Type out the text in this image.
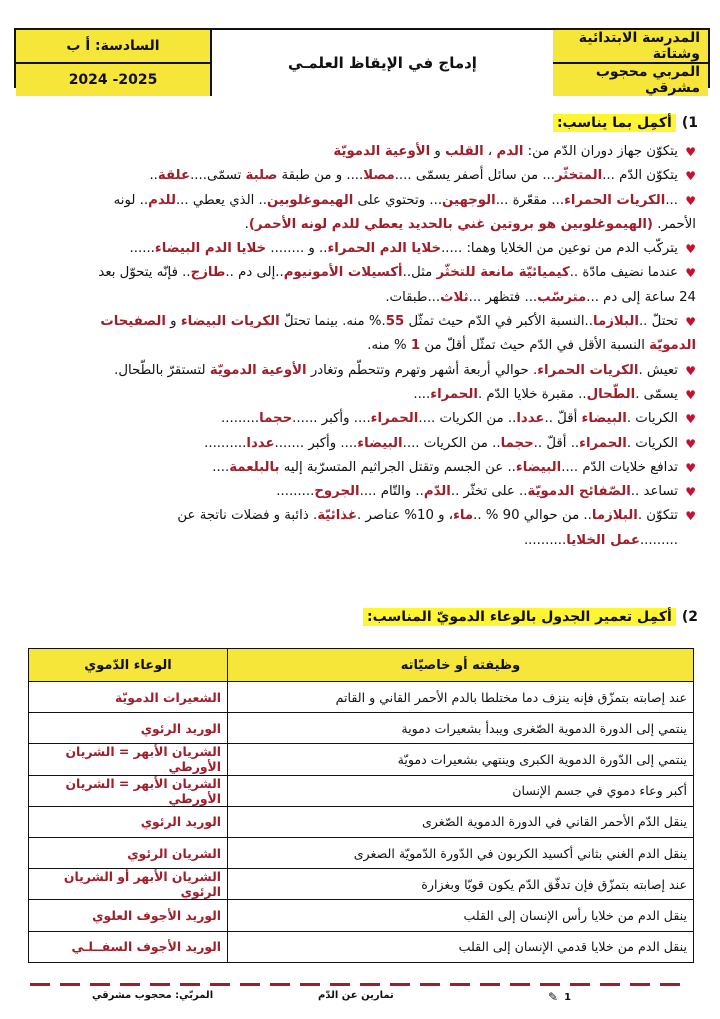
السادسة: أ ب
2025- 2024
إدماج في الإيقاظ العلمـي
المدرسة الابتدائية وشتاتة
المربي محجوب مشرقي
1)
أكمِل بما يناسب:
♥
يتكوّن جهاز دوران الدّم من: الدم ، القلب و الأوعية الدمويّة
♥
يتكوّن الدّم ...المتخثّر... من سائل أصفر يسمّى ....مصلا.... و من طبقة صلبة تسمّى....علقة..
♥
...الكريات الحمراء... مقعّرة ...الوجهين... وتحتوي على الهيموغلوبين.. الذي يعطي ...للدم.. لونه
الأحمر. (الهيموغلوبين هو بروتين غني بالحديد يعطي للدم لونه الأحمر).
♥
يتركّب الدم من نوعين من الخلايا وهما: .....خلايا الدم الحمراء.. و ........ خلايا الدم البيضاء......
♥
عندما نضيف مادّة ..كيميائيّة مانعة للتخثّر مثل..أكسيلات الأمونيوم..إلى دم ..طازج.. فإنّه يتحوّل بعد
24 ساعة إلى دم ...مترسّب... فتظهر ...ثلاث...طبقات.
♥
تحتلّ ..البلازما..النسبة الأكبر في الدّم حيث تمثّل 55.% منه. بينما تحتلّ الكريات البيضاء و الصفيحات
الدمويّة النسبة الأقل في الدّم حيث تمثّل أقلّ من 1 % منه.
♥
تعيش .الكريات الحمراء. حوالي أربعة أشهر وتهرم وتتحطّم وتغادر الأوعية الدمويّة لتستقرّ بالطّحال.
♥
يسمّى .الطّحال.. مقبرة خلايا الدّم .الحمراء....
♥
الكريات .البيضاء أقلّ ..عددا.. من الكريات ....الحمراء.... وأكبر ......حجما.........
♥
الكريات .الحمراء.. أقلّ ..حجما.. من الكريات ....البيضاء.... وأكبر .......عددا..........
♥
تدافع خلايات الدّم ....البيضاء.. عن الجسم وتقتل الجراثيم المتسرّبة إليه بالبلعمة....
♥
تساعد ..الصّفائح الدمويّة.. على تخثّر ..الدّم.. والتّام ....الجروح.........
♥
تتكوّن .البلازما.. من حوالي 90 % ..ماء، و 10% عناصر .غذائيّة. ذائبة و فضلات ناتجة عن
.........عمل الخلايا..........
2)
أكمِل تعمير الجدول بالوعاء الدمويّ المناسب:
وظيفته أو خاصيّاته	الوعاء الدّموي
عند إصابته بتمزّق فإنه ينزف دما مختلطا بالدم الأحمر القاني و القاتم	الشعيرات الدمويّة
ينتمي إلى الدورة الدموية الصّغرى ويبدأ بشعيرات دموية	الوريد الرئوي
ينتمي إلى الدّورة الدموية الكبرى وينتهي بشعيرات دمويّة	الشريان الأبهر = الشريان الأورطي
أكبر وعاء دموي في جسم الإنسان	الشريان الأبهر = الشريان الأورطي
ينقل الدّم الأحمر القاني في الدورة الدموية الصّغرى	الوريد الرئوي
ينقل الدم الغني بثاني أكسيد الكربون في الدّورة الدّمويّة الصغرى	الشريان الرئوي
عند إصابته بتمزّق فإن تدفّق الدّم يكون قويّا وبغزارة	الشريان الأبهر أو الشريان الرئوي
ينقل الدم من خلايا رأس الإنسان إلى القلب	الوريد الأجوف العلوي
ينقل الدم من خلايا قدمي الإنسان إلى القلب	الوريد الأجوف السفــلـي
المربّي: محجوب مشرقي	تمارين عن الدّم	1
✎
